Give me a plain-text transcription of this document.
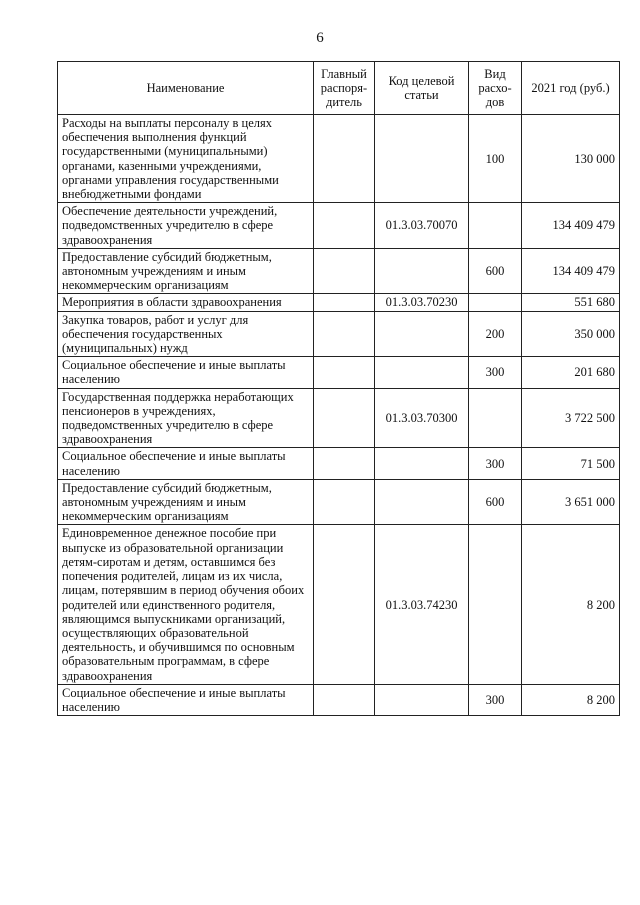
6
Наименование	Главный распоря-дитель	Код целевой статьи	Вид расхо-дов	2021 год (руб.)
Расходы на выплаты персоналу в целях обеспечения выполнения функций государственными (муниципальными) органами, казенными учреждениями, органами управления государственными внебюджетными фондами			100	130 000
Обеспечение деятельности учреждений, подведомственных учредителю в сфере здравоохранения		01.3.03.70070		134 409 479
Предоставление субсидий бюджетным, автономным учреждениям и иным некоммерческим организациям			600	134 409 479
Мероприятия в области здравоохранения		01.3.03.70230		551 680
Закупка товаров, работ и услуг для обеспечения государственных (муниципальных) нужд			200	350 000
Социальное обеспечение и иные выплаты населению			300	201 680
Государственная поддержка неработающих пенсионеров в учреждениях, подведомственных учредителю в сфере здравоохранения		01.3.03.70300		3 722 500
Социальное обеспечение и иные выплаты населению			300	71 500
Предоставление субсидий бюджетным, автономным учреждениям и иным некоммерческим организациям			600	3 651 000
Единовременное денежное пособие при выпуске из образовательной организации детям-сиротам и детям, оставшимся без попечения родителей, лицам из их числа, лицам, потерявшим в период обучения обоих родителей или единственного родителя, являющимся выпускниками организаций, осуществляющих образовательной деятельность, и обучившимся по основным образовательным программам, в сфере здравоохранения		01.3.03.74230		8 200
Социальное обеспечение и иные выплаты населению			300	8 200
